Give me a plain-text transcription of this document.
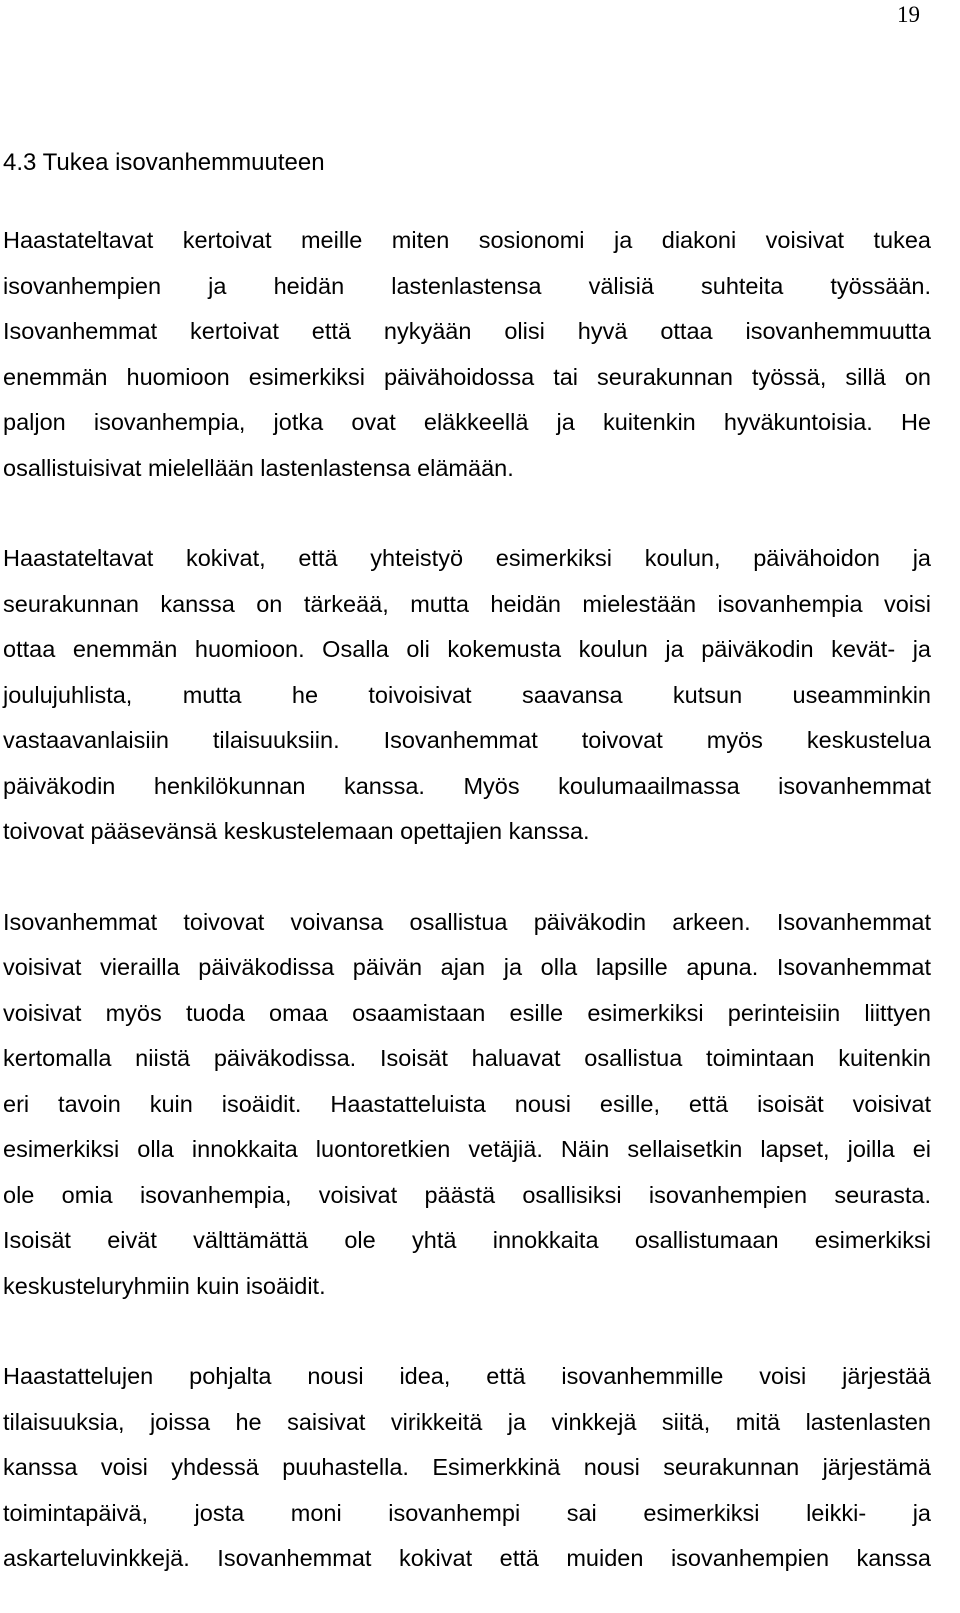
19
4.3 Tukea isovanhemmuuteen
Haastateltavat kertoivat meille miten sosionomi ja diakoni voisivat tukea
isovanhempien ja heidän lastenlastensa välisiä suhteita työssään.
Isovanhemmat kertoivat että nykyään olisi hyvä ottaa isovanhemmuutta
enemmän huomioon esimerkiksi päivähoidossa tai seurakunnan työssä, sillä on
paljon isovanhempia, jotka ovat eläkkeellä ja kuitenkin hyväkuntoisia. He
osallistuisivat mielellään lastenlastensa elämään.
Haastateltavat kokivat, että yhteistyö esimerkiksi koulun, päivähoidon ja
seurakunnan kanssa on tärkeää, mutta heidän mielestään isovanhempia voisi
ottaa enemmän huomioon. Osalla oli kokemusta koulun ja päiväkodin kevät- ja
joulujuhlista, mutta he toivoisivat saavansa kutsun useamminkin
vastaavanlaisiin tilaisuuksiin. Isovanhemmat toivovat myös keskustelua
päiväkodin henkilökunnan kanssa. Myös koulumaailmassa isovanhemmat
toivovat pääsevänsä keskustelemaan opettajien kanssa.
Isovanhemmat toivovat voivansa osallistua päiväkodin arkeen. Isovanhemmat
voisivat vierailla päiväkodissa päivän ajan ja olla lapsille apuna. Isovanhemmat
voisivat myös tuoda omaa osaamistaan esille esimerkiksi perinteisiin liittyen
kertomalla niistä päiväkodissa. Isoisät haluavat osallistua toimintaan kuitenkin
eri tavoin kuin isoäidit. Haastatteluista nousi esille, että isoisät voisivat
esimerkiksi olla innokkaita luontoretkien vetäjiä. Näin sellaisetkin lapset, joilla ei
ole omia isovanhempia, voisivat päästä osallisiksi isovanhempien seurasta.
Isoisät eivät välttämättä ole yhtä innokkaita osallistumaan esimerkiksi
keskusteluryhmiin kuin isoäidit.
Haastattelujen pohjalta nousi idea, että isovanhemmille voisi järjestää
tilaisuuksia, joissa he saisivat virikkeitä ja vinkkejä siitä, mitä lastenlasten
kanssa voisi yhdessä puuhastella. Esimerkkinä nousi seurakunnan järjestämä
toimintapäivä, josta moni isovanhempi sai esimerkiksi leikki- ja
askarteluvinkkejä. Isovanhemmat kokivat että muiden isovanhempien kanssa
